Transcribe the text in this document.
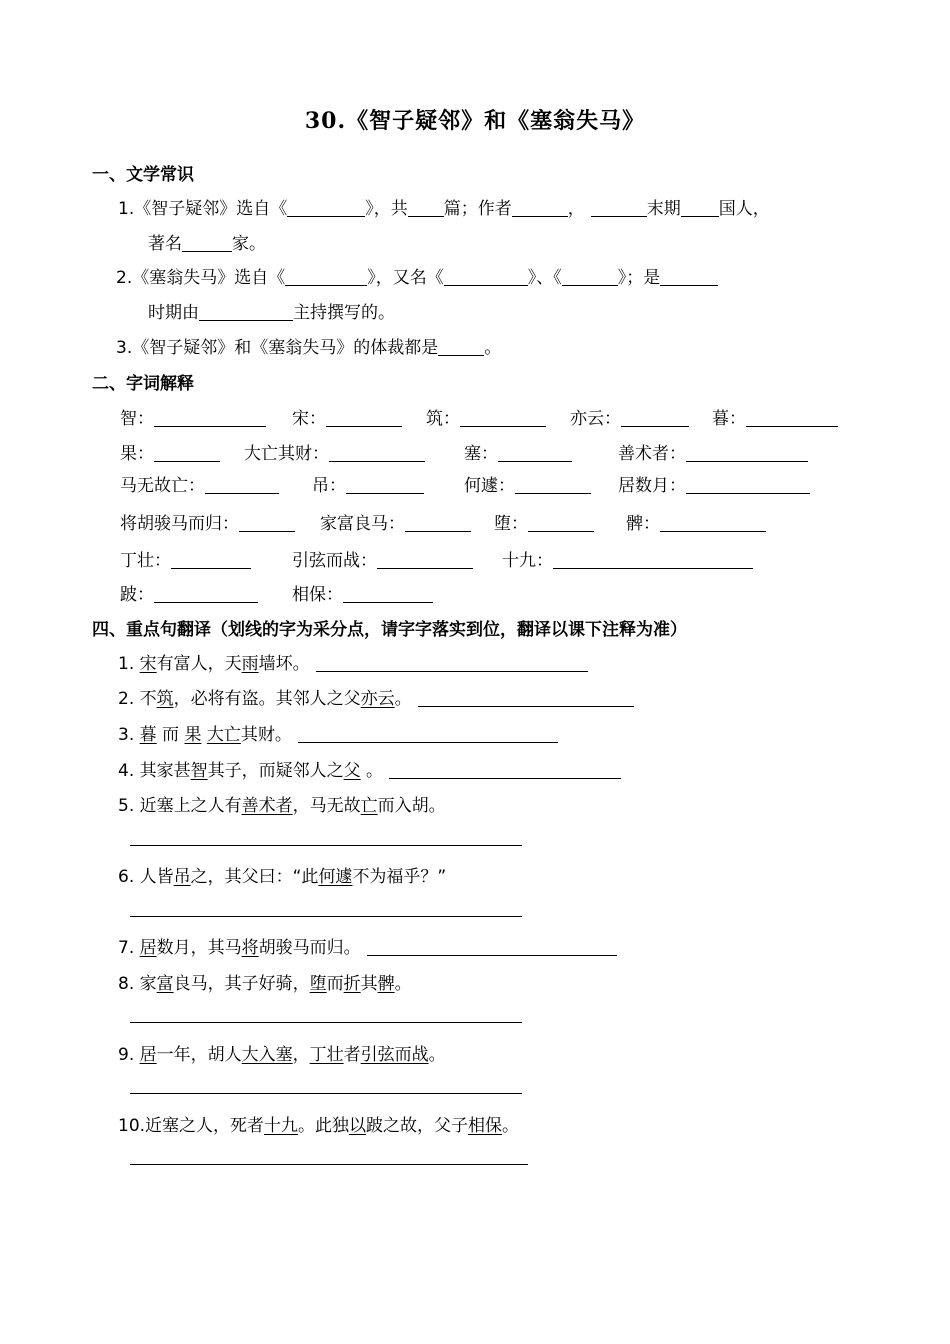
30.《智子疑邻》和《塞翁失马》
一、文学常识
1.《智子疑邻》选自《	》，共 篇；作者	，	末期 国人，
著名	家。
2.《塞翁失马》选自《	》，又名《	》、《	》；是
时期由	主持撰写的。
3.《智子疑邻》和《塞翁失马》的体裁都是	。
二、字词解释
智：	宋：	筑：	亦云：	暮：
果：	大亡其财：	塞：	善术者：
马无故亡：	吊：	何遽：	居数月：
将胡骏马而归：	家富良马：	堕：	髀：
丁壮：	引弦而战：	十九：
跛：	相保：
四、重点句翻译（划线的字为采分点，请字字落实到位，翻译以课下注释为准）
1. 宋有富人，天雨墙坏。
2. 不筑，必将有盗。其邻人之父亦云。
3. 暮 而 果 大亡其财。
4. 其家甚智其子，而疑邻人之父 。
5. 近塞上之人有善术者，马无故亡而入胡。
6. 人皆吊之，其父曰：“此何遽不为福乎？”
7. 居数月，其马将胡骏马而归。
8. 家富良马，其子好骑，堕而折其髀。
9. 居一年，胡人大入塞，丁壮者引弦而战。
10.近塞之人，死者十九。此独以跛之故，父子相保。
